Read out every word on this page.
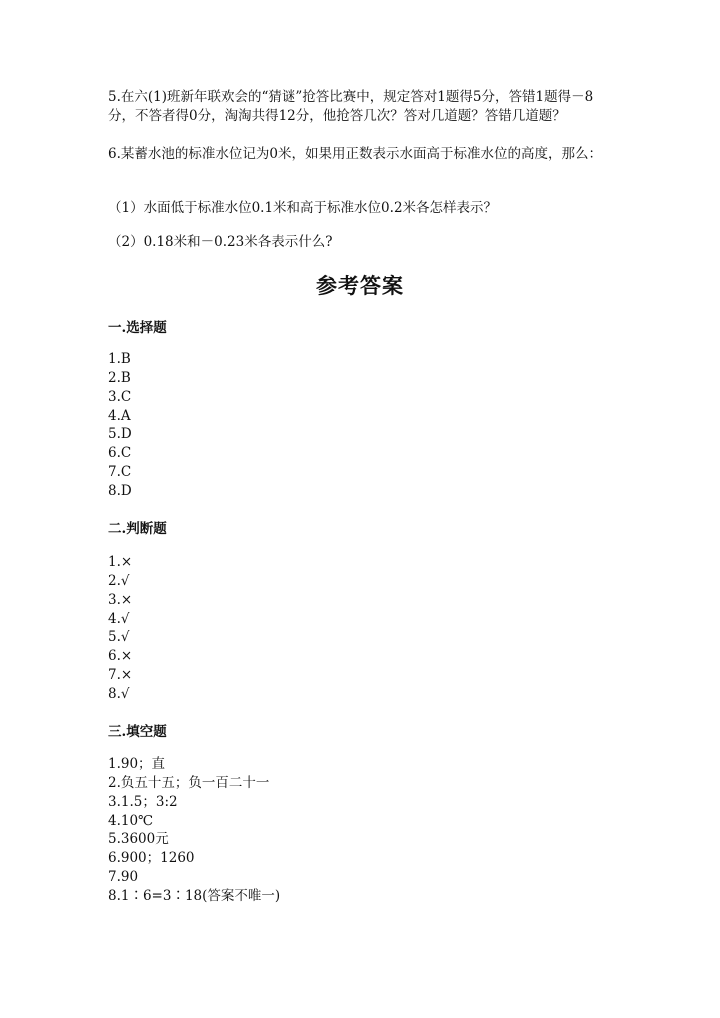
5.在六(1)班新年联欢会的“猜谜”抢答比赛中，规定答对1题得5分，答错1题得－8分，不答者得0分，淘淘共得12分，他抢答几次？答对几道题？答错几道题？

6.某蓄水池的标准水位记为0米，如果用正数表示水面高于标准水位的高度，那么：

（1）水面低于标准水位0.1米和高于标准水位0.2米各怎样表示？

（2）0.18米和－0.23米各表示什么?

参考答案
一.选择题
1.B
2.B
3.C
4.A
5.D
6.C
7.C
8.D
二.判断题
1.×
2.√
3.×
4.√
5.√
6.×
7.×
8.√
三.填空题
1.90；直
2.负五十五；负一百二十一
3.1.5；3:2
4.10℃
5.3600元
6.900；1260
7.90
8.1∶6=3∶18(答案不唯一)
